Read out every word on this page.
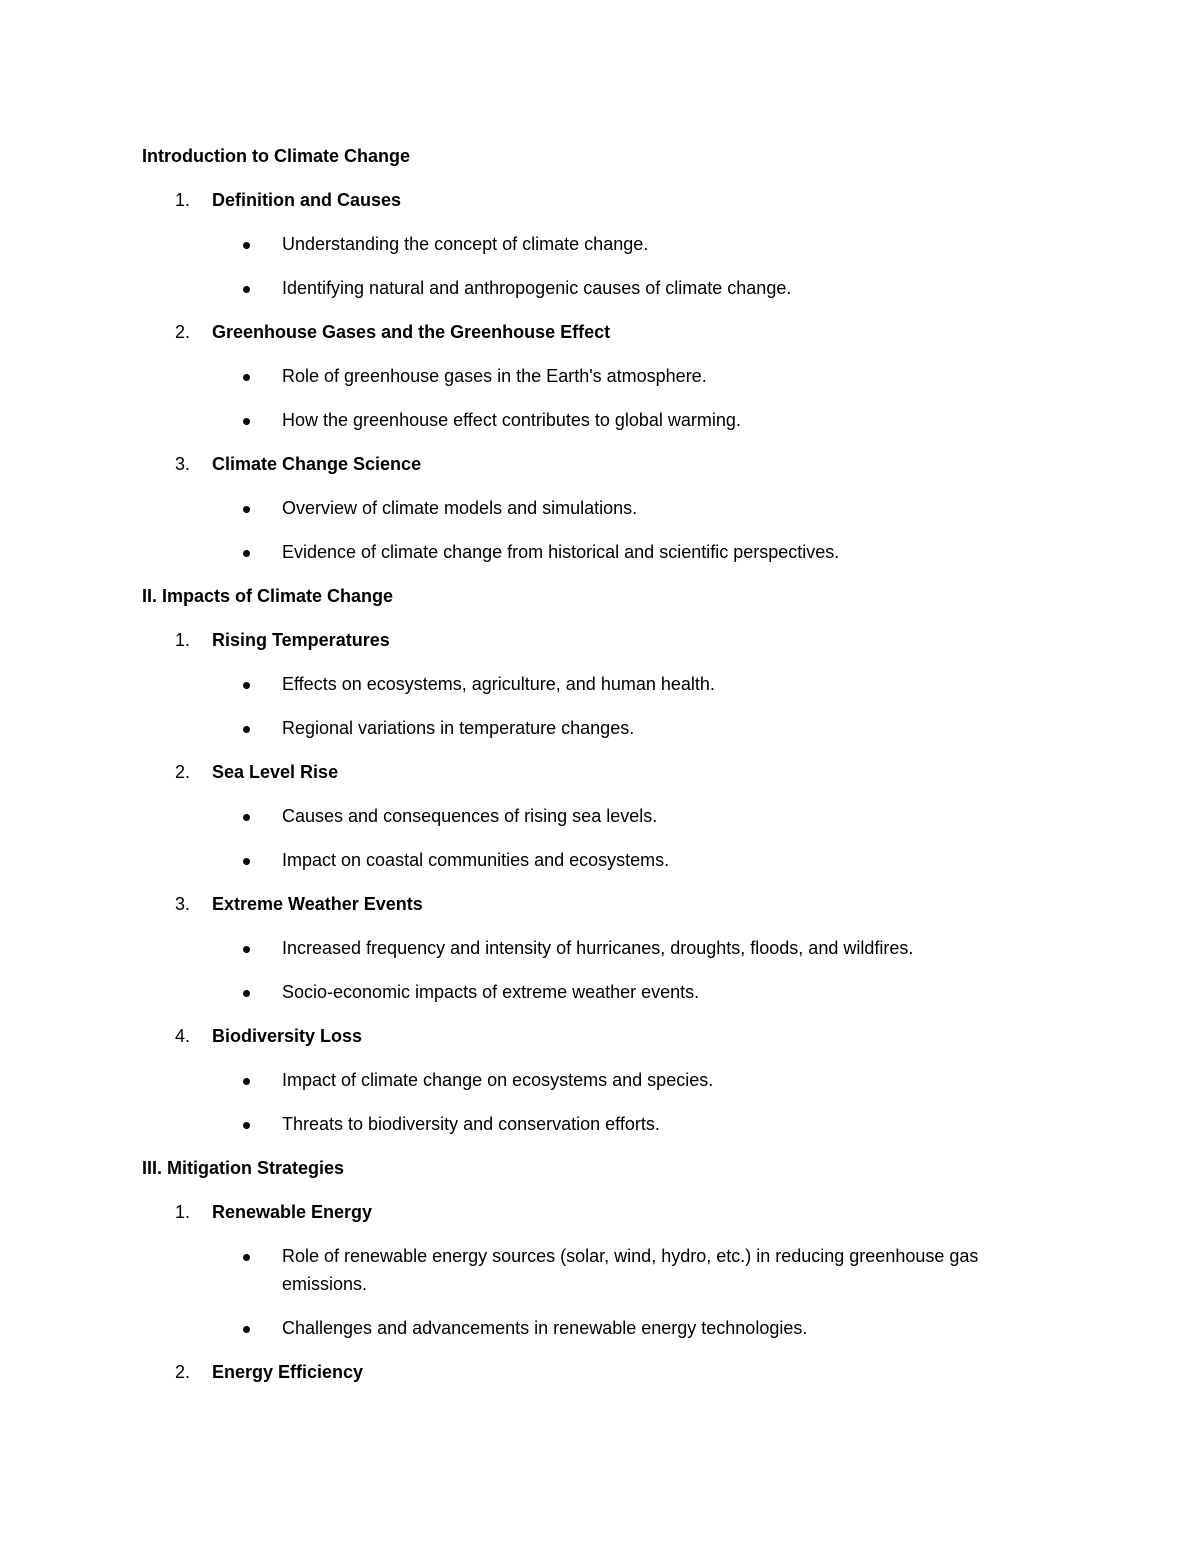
Introduction to Climate Change
1. Definition and Causes
Understanding the concept of climate change.
Identifying natural and anthropogenic causes of climate change.
2. Greenhouse Gases and the Greenhouse Effect
Role of greenhouse gases in the Earth's atmosphere.
How the greenhouse effect contributes to global warming.
3. Climate Change Science
Overview of climate models and simulations.
Evidence of climate change from historical and scientific perspectives.
II. Impacts of Climate Change
1. Rising Temperatures
Effects on ecosystems, agriculture, and human health.
Regional variations in temperature changes.
2. Sea Level Rise
Causes and consequences of rising sea levels.
Impact on coastal communities and ecosystems.
3. Extreme Weather Events
Increased frequency and intensity of hurricanes, droughts, floods, and wildfires.
Socio-economic impacts of extreme weather events.
4. Biodiversity Loss
Impact of climate change on ecosystems and species.
Threats to biodiversity and conservation efforts.
III. Mitigation Strategies
1. Renewable Energy
Role of renewable energy sources (solar, wind, hydro, etc.) in reducing greenhouse gas emissions.
Challenges and advancements in renewable energy technologies.
2. Energy Efficiency
